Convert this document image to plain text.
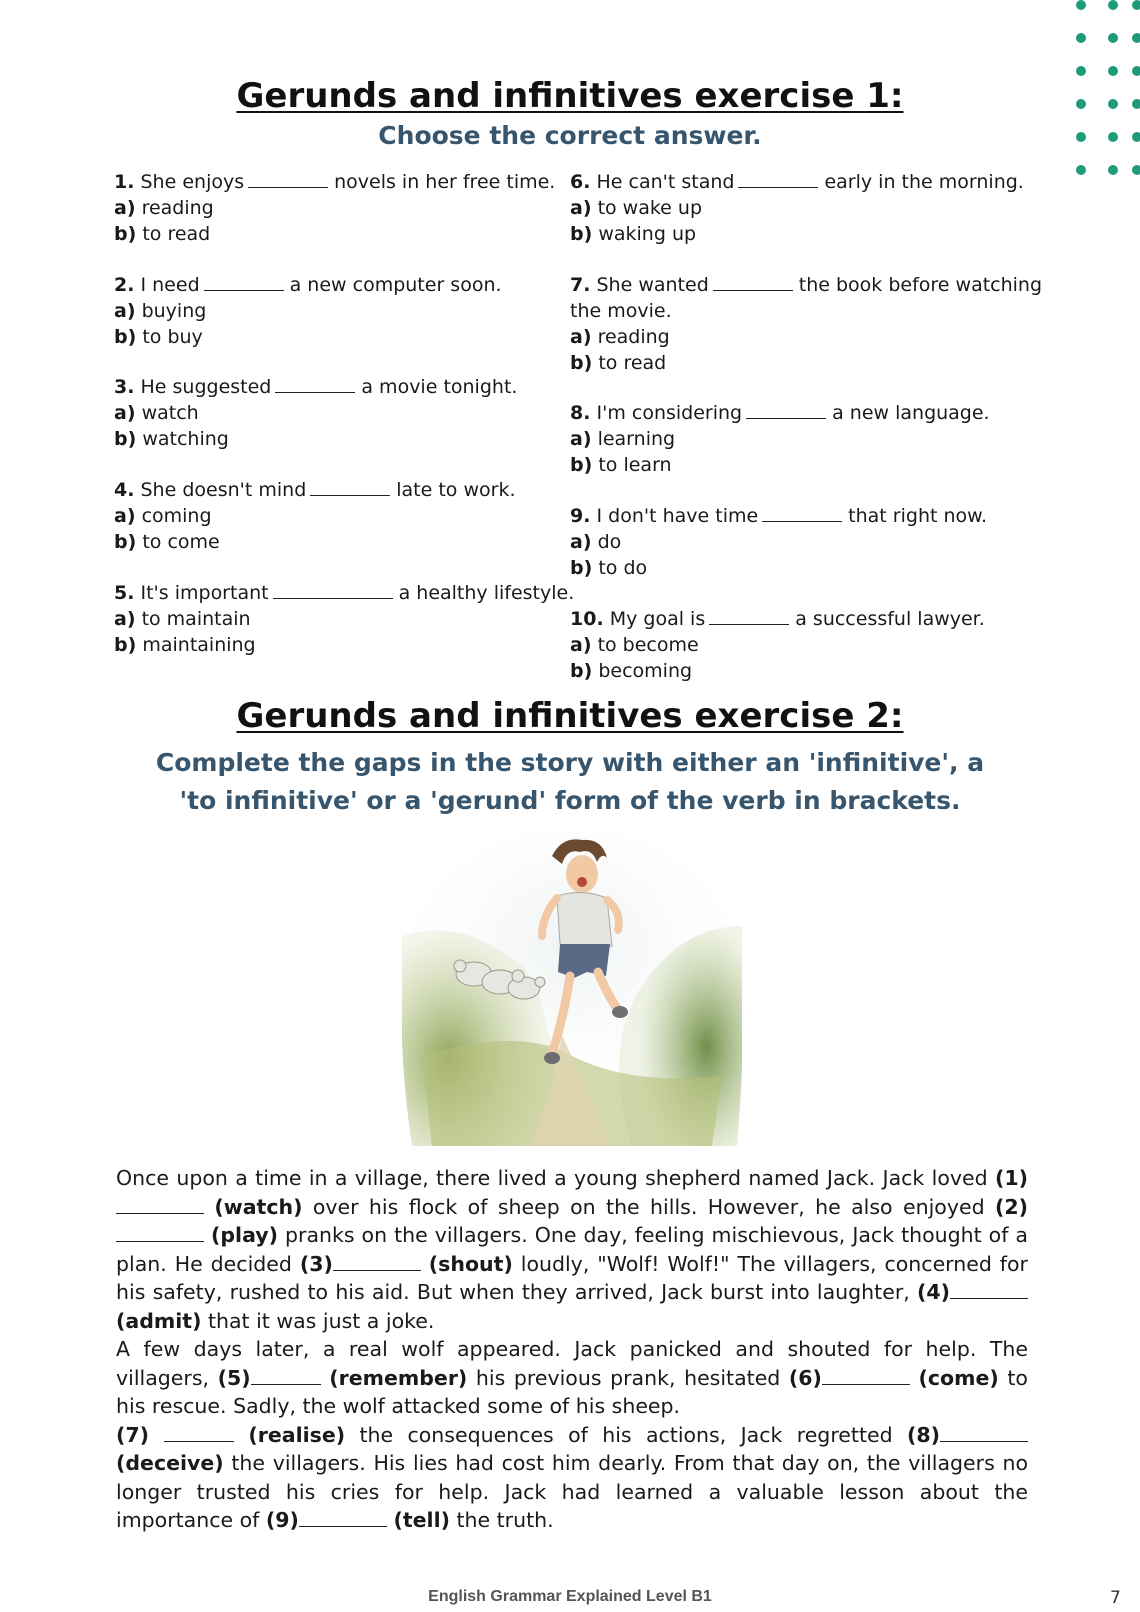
Gerunds and infinitives exercise 1:
Choose the correct answer.
1. She enjoys	novels in her free time.
a) reading
b) to read
2. I need	a new computer soon.
a) buying
b) to buy
3. He suggested	a movie tonight.
a) watch
b) watching
4. She doesn't mind	late to work.
a) coming
b) to come
5. It's important	a healthy lifestyle.
a) to maintain
b) maintaining
6. He can't stand	early in the morning.
a) to wake up
b) waking up
7. She wanted	the book before watching
the movie.
a) reading
b) to read
8. I'm considering	a new language.
a) learning
b) to learn
9. I don't have time	that right now.
a) do
b) to do
10. My goal is	a successful lawyer.
a) to become
b) becoming
Gerunds and infinitives exercise 2:
Complete the gaps in the story with either an 'infinitive', a 'to infinitive' or a 'gerund' form of the verb in brackets.

Once upon a time in a village, there lived a young shepherd named Jack. Jack loved (1) (watch) over his flock of sheep on the hills. However, he also enjoyed (2) (play) pranks on the villagers. One day, feeling mischievous, Jack thought of a plan. He decided (3)	(shout) loudly, "Wolf! Wolf!" The villagers, concerned for his safety, rushed to his aid. But when they arrived, Jack burst into laughter, (4) (admit) that it was just a joke.

A few days later, a real wolf appeared. Jack panicked and shouted for help. The villagers, (5)	(remember) his previous prank, hesitated (6)	(come) to his rescue. Sadly, the wolf attacked some of his sheep.

(7)	(realise) the consequences of his actions, Jack regretted (8) (deceive) the villagers. His lies had cost him dearly. From that day on, the villagers no longer trusted his cries for help. Jack had learned a valuable lesson about the importance of (9)	(tell) the truth.

English Grammar Explained Level B1	7
